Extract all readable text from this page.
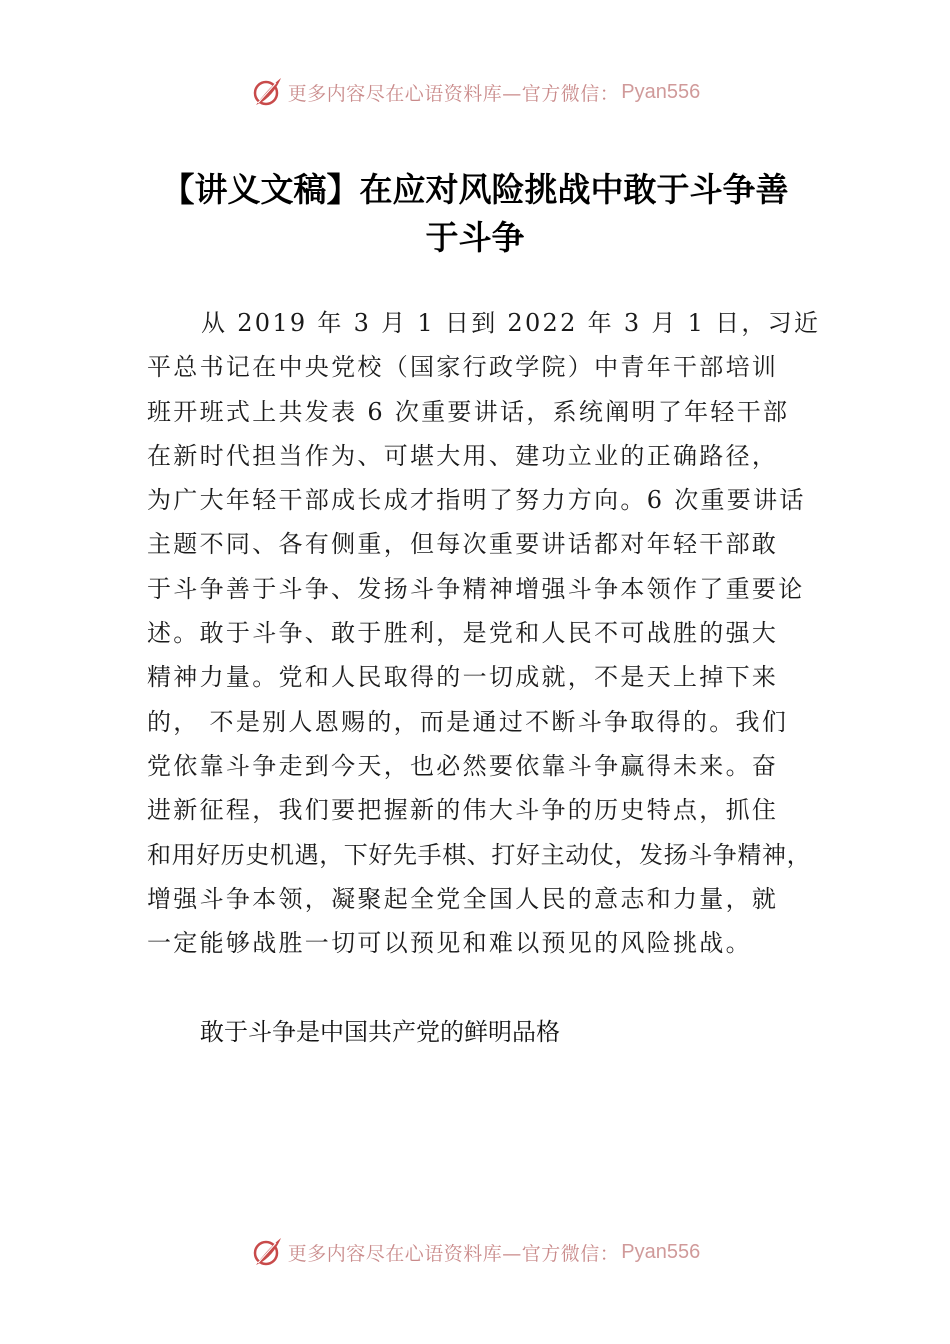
更多内容尽在心语资料库—官方微信： Pyan556
【讲义文稿】在应对风险挑战中敢于斗争善
于斗争
从 2019 年 3 月 1 日到 2022 年 3 月 1 日，习近
平总书记在中央党校（国家行政学院）中青年干部培训
班开班式上共发表 6 次重要讲话，系统阐明了年轻干部
在新时代担当作为、可堪大用、建功立业的正确路径，
为广大年轻干部成长成才指明了努力方向。6 次重要讲话
主题不同、各有侧重，但每次重要讲话都对年轻干部敢
于斗争善于斗争、发扬斗争精神增强斗争本领作了重要论
述。敢于斗争、敢于胜利，是党和人民不可战胜的强大
精神力量。党和人民取得的一切成就，不是天上掉下来
的， 不是别人恩赐的，而是通过不断斗争取得的。我们
党依靠斗争走到今天，也必然要依靠斗争赢得未来。奋
进新征程，我们要把握新的伟大斗争的历史特点，抓住
和用好历史机遇，下好先手棋、打好主动仗，发扬斗争精神，
增强斗争本领，凝聚起全党全国人民的意志和力量，就
一定能够战胜一切可以预见和难以预见的风险挑战。
敢于斗争是中国共产党的鲜明品格
更多内容尽在心语资料库—官方微信： Pyan556
